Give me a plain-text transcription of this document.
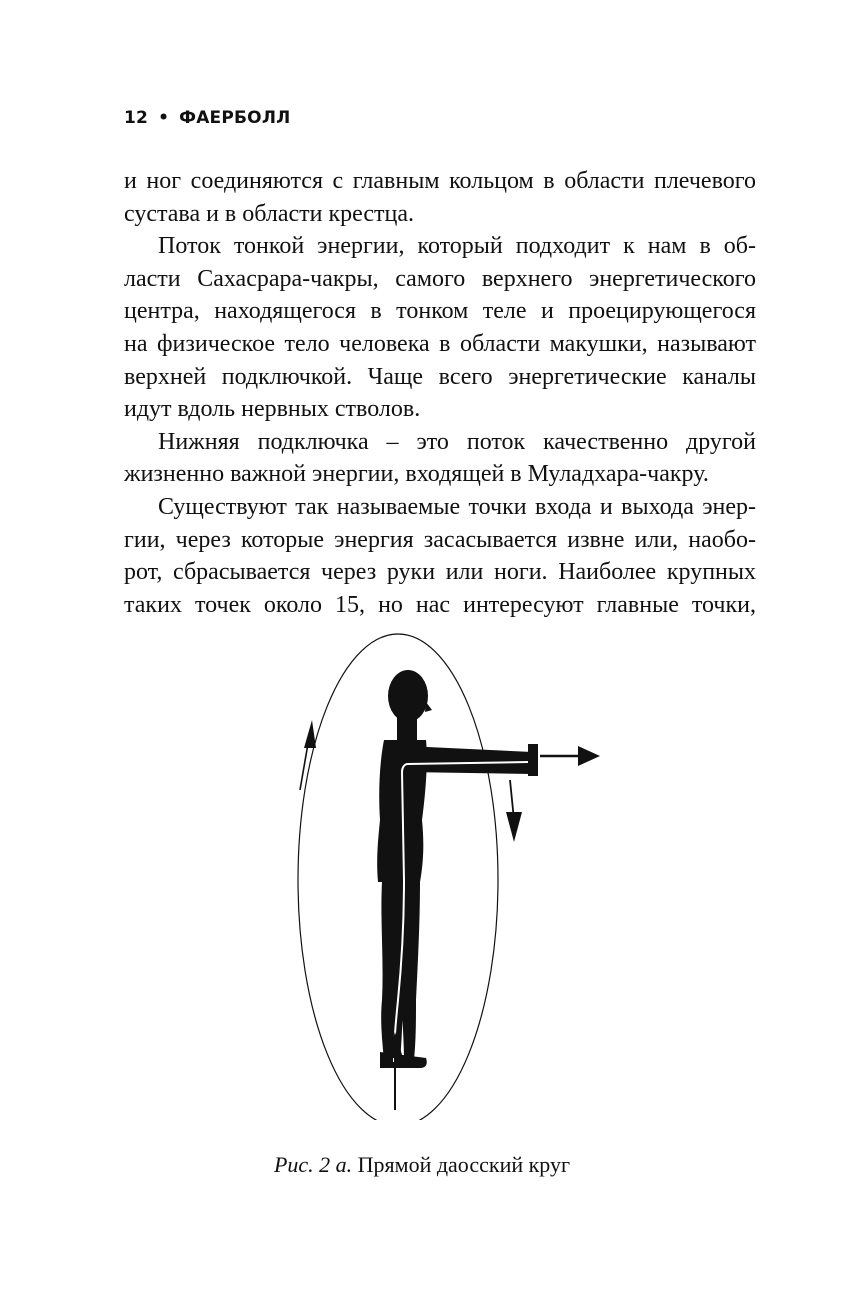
12 • ФАЕРБОЛЛ
и ног соединяются с главным кольцом в области плечевого
сустава и в области крестца.
Поток тонкой энергии, который подходит к нам в об-
ласти Сахасрара-чакры, самого верхнего энергетического
центра, находящегося в тонком теле и проецирующегося
на физическое тело человека в области макушки, называют
верхней подключкой. Чаще всего энергетические каналы
идут вдоль нервных стволов.
Нижняя подключка – это поток качественно другой
жизненно важной энергии, входящей в Муладхара-чакру.
Существуют так называемые точки входа и выхода энер-
гии, через которые энергия засасывается извне или, наобо-
рот, сбрасывается через руки или ноги. Наиболее крупных
таких точек около 15, но нас интересуют главные точки,
Рис. 2 а. Прямой даосский круг
